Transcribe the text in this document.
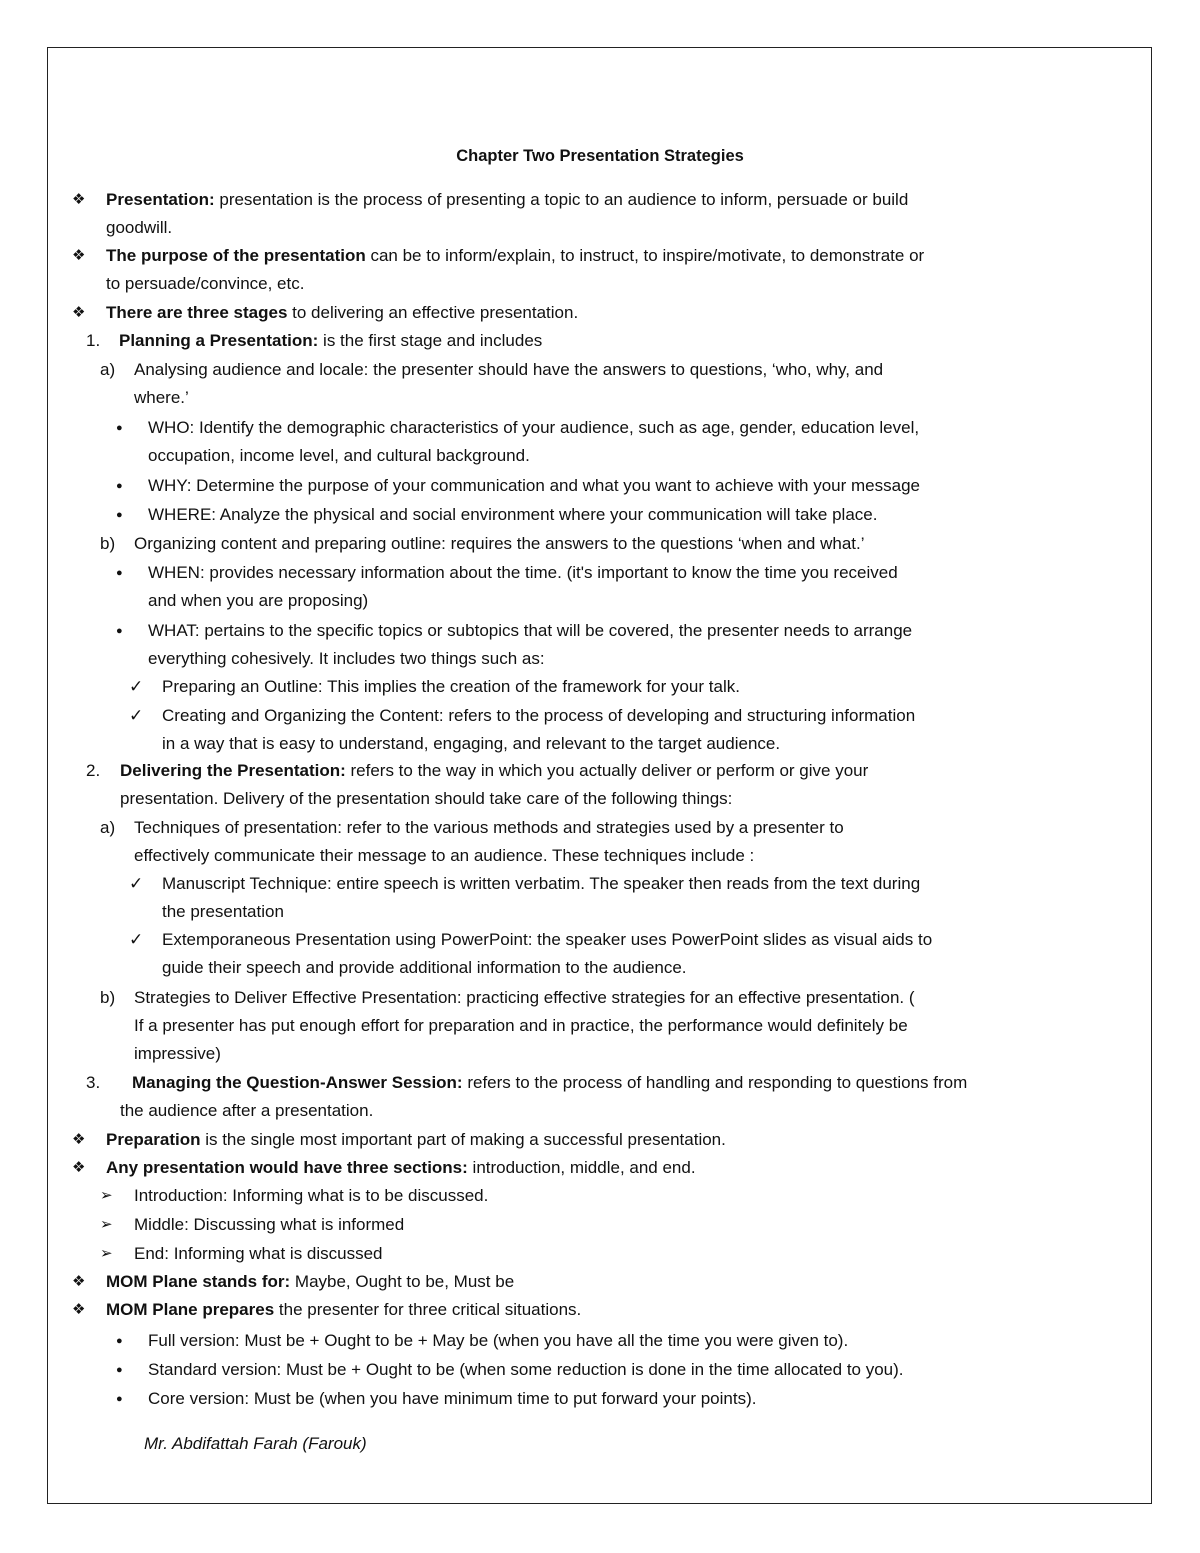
Chapter Two Presentation Strategies
❖ Presentation: presentation is the process of presenting a topic to an audience to inform, persuade or build
goodwill.
❖ The purpose of the presentation can be to inform/explain, to instruct, to inspire/motivate, to demonstrate or
to persuade/convince, etc.
❖ There are three stages to delivering an effective presentation.
1. Planning a Presentation: is the first stage and includes
a) Analysing audience and locale: the presenter should have the answers to questions, ‘who, why, and
where.’
● WHO: Identify the demographic characteristics of your audience, such as age, gender, education level,
occupation, income level, and cultural background.
● WHY: Determine the purpose of your communication and what you want to achieve with your message
● WHERE: Analyze the physical and social environment where your communication will take place.
b) Organizing content and preparing outline: requires the answers to the questions ‘when and what.’
● WHEN: provides necessary information about the time. (it's important to know the time you received
and when you are proposing)
● WHAT: pertains to the specific topics or subtopics that will be covered, the presenter needs to arrange
everything cohesively. It includes two things such as:
✓ Preparing an Outline: This implies the creation of the framework for your talk.
✓ Creating and Organizing the Content: refers to the process of developing and structuring information
in a way that is easy to understand, engaging, and relevant to the target audience.
2. Delivering the Presentation: refers to the way in which you actually deliver or perform or give your
presentation. Delivery of the presentation should take care of the following things:
a) Techniques of presentation: refer to the various methods and strategies used by a presenter to
effectively communicate their message to an audience. These techniques include :
✓ Manuscript Technique: entire speech is written verbatim. The speaker then reads from the text during
the presentation
✓ Extemporaneous Presentation using PowerPoint: the speaker uses PowerPoint slides as visual aids to
guide their speech and provide additional information to the audience.
b) Strategies to Deliver Effective Presentation: practicing effective strategies for an effective presentation. (
If a presenter has put enough effort for preparation and in practice, the performance would definitely be
impressive)
3. Managing the Question-Answer Session: refers to the process of handling and responding to questions from
the audience after a presentation.
❖ Preparation is the single most important part of making a successful presentation.
❖ Any presentation would have three sections: introduction, middle, and end.
➢ Introduction: Informing what is to be discussed.
➢ Middle: Discussing what is informed
➢ End: Informing what is discussed
❖ MOM Plane stands for: Maybe, Ought to be, Must be
❖ MOM Plane prepares the presenter for three critical situations.
● Full version: Must be + Ought to be + May be (when you have all the time you were given to).
● Standard version: Must be + Ought to be (when some reduction is done in the time allocated to you).
● Core version: Must be (when you have minimum time to put forward your points).
Mr. Abdifattah Farah (Farouk)
